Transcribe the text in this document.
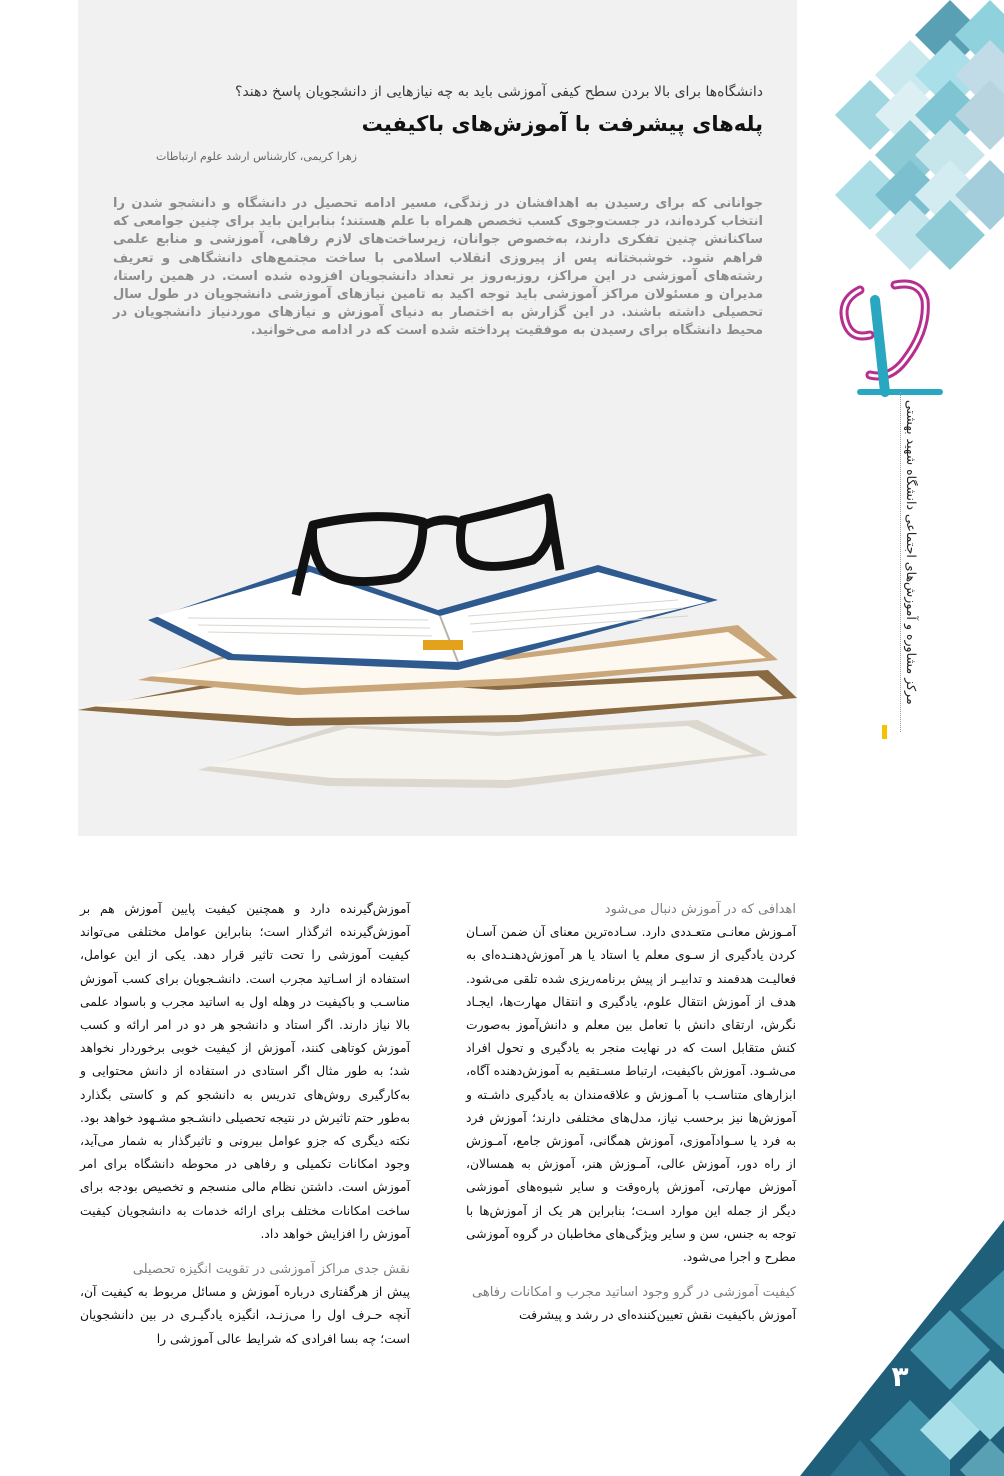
دانشگاه‌ها برای بالا بردن سطح کیفی آموزشی باید به چه نیازهایی از دانشجویان پاسخ دهند؟
پله‌های پیشرفت با آموزش‌های باکیفیت
زهرا کریمی، کارشناس ارشد علوم ارتباطات
جوانانی که برای رسیدن به اهدافشان در زندگی، مسیر ادامه تحصیل در دانشگاه و دانشجو شدن را انتخاب کرده‌اند، در جست‌وجوی کسب تخصص همراه با علم هستند؛ بنابراین باید برای چنین جوامعی که ساکنانش چنین تفکری دارند، به‌خصوص جوانان، زیرساخت‌های لازم رفاهی، آموزشی و منابع علمی فراهم شود. خوشبختانه پس از پیروزی انقلاب اسلامی با ساخت مجتمع‌های دانشگاهی و تعریف رشته‌های آموزشی در این مراکز، روزبه‌روز بر تعداد دانشجویان افزوده شده است. در همین راستا، مدیران و مسئولان مراکز آموزشی باید توجه اکید به تامین نیازهای آموزشی دانشجویان در طول سال تحصیلی داشته باشند. در این گزارش به اختصار به دنیای آموزش و نیازهای موردنیاز دانشجویان در محیط دانشگاه برای رسیدن به موفقیت پرداخته شده است که در ادامه می‌خوانید.
اهدافی که در آموزش دنبال می‌شود
آمـوزش معانـی متعـددی دارد. سـاده‌ترین معنای آن ضمن آسـان کردن یادگیری از سـوی معلم یا استاد یا هر آموزش‌دهنـده‌ای به فعالیـت هدفمند و تدابیـر از پیش برنامه‌ریزی شده تلقی می‌شود. هدف از آموزش انتقال علوم، یادگیری و انتقال مهارت‌ها، ایجـاد نگرش، ارتقای دانش با تعامل بین معلم و دانش‌آموز به‌صورت کنش متقابل است که در نهایت منجر به یادگیری و تحول افراد می‌شـود. آموزش باکیفیت، ارتباط مسـتقیم به آموزش‌دهنده آگاه، ابزارهای متناسـب با آمـوزش و علاقه‌مندان به یادگیری داشـته و آموزش‌ها نیز برحسب نیاز، مدل‌های مختلفی دارند؛ آموزش فرد به فرد یا سـوادآموزی، آموزش همگانی، آموزش جامع، آمـوزش از راه دور، آموزش عالی، آمـوزش هنر، آموزش به همسالان، آموزش مهارتی، آموزش پاره‌وقت و سایر شیوه‌های آموزشی دیگر از جمله این موارد اسـت؛ بنابراین هر یک از آموزش‌ها با توجه به جنس، سن و سایر ویژگی‌های مخاطبان در گروه آموزشی مطرح و اجرا می‌شود.
کیفیت آموزشی در گرو وجود اساتید مجرب و امکانات رفاهی
آموزش باکیفیت نقش تعیین‌کننده‌ای در رشد و پیشرفت
آموزش‌گیرنده دارد و همچنین کیفیت پایین آموزش هم بر آموزش‌گیرنده اثرگذار است؛ بنابراین عوامل مختلفی می‌تواند کیفیت آموزشی را تحت تاثیر قرار دهد. یکی از این عوامل، استفاده از اسـاتید مجرب است. دانشـجویان برای کسب آموزش مناسـب و باکیفیت در وهله اول به اساتید مجرب و باسواد علمی بالا نیاز دارند. اگر استاد و دانشجو هر دو در امر ارائه و کسب آموزش کوتاهی کنند، آموزش از کیفیت خوبی برخوردار نخواهد شد؛ به طور مثال اگر استادی در استفاده از دانش محتوایی و به‌کارگیری روش‌های تدریس به دانشجو کم و کاستی بگذارد به‌طور حتم تاثیرش در نتیجه تحصیلی دانشـجو مشـهود خواهد بود. نکته دیگری که جزو عوامل بیرونی و تاثیرگذار به شمار می‌آید، وجود امکانات تکمیلی و رفاهی در محوطه دانشگاه برای امر آموزش است. داشتن نظام مالی منسجم و تخصیص بودجه برای ساخت امکانات مختلف برای ارائه خدمات به دانشجویان کیفیت آموزش را افزایش خواهد داد.
نقش جدی مراکز آموزشی در تقویت انگیزه تحصیلی
پیش از هرگفتاری درباره آموزش و مسائل مربوط به کیفیت آن، آنچه حـرف اول را می‌زنـد، انگیزه یادگیـری در بین دانشجویان است؛ چه بسا افرادی که شرایط عالی آموزشی را
مرکز مشاوره و آموزش‌های اجتماعی دانشگاه شهید بهشتی
۳
